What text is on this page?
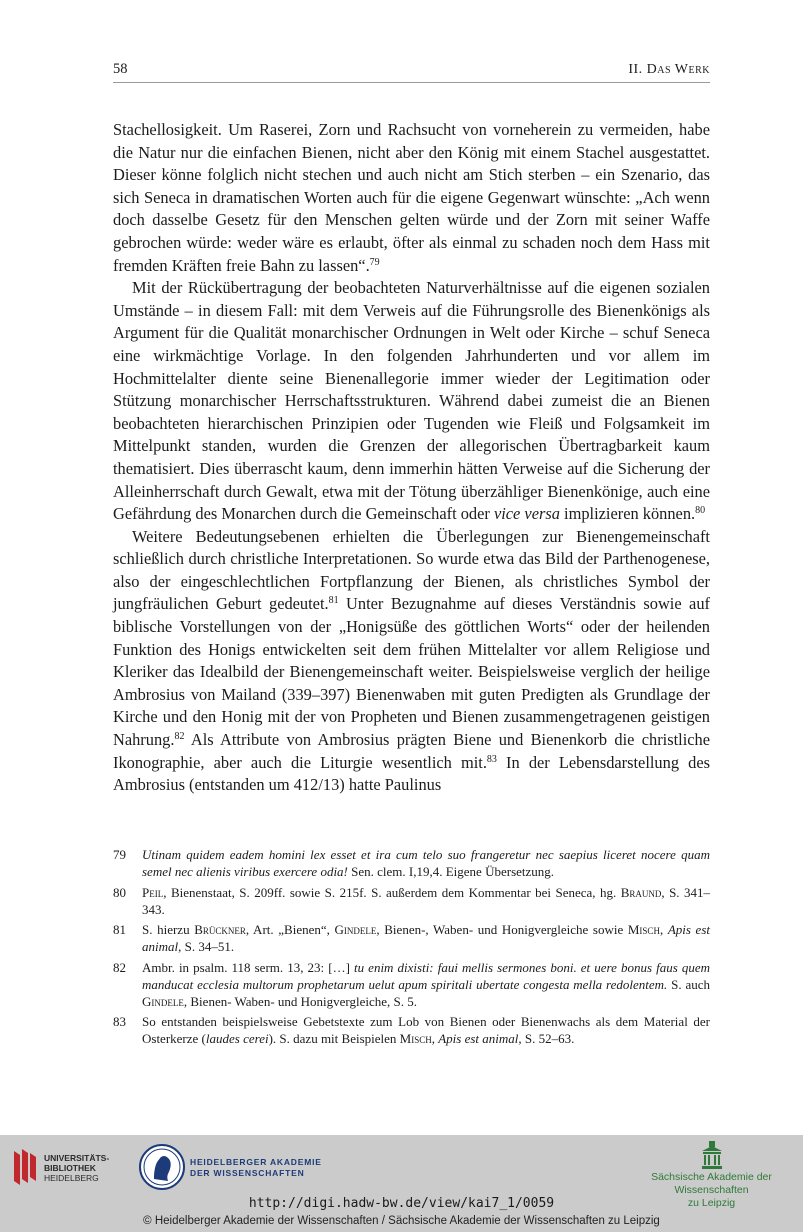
58	II. Das Werk

Stachellosigkeit. Um Raserei, Zorn und Rachsucht von vorneherein zu vermeiden, habe die Natur nur die einfachen Bienen, nicht aber den König mit einem Stachel ausgestattet. Dieser könne folglich nicht stechen und auch nicht am Stich sterben – ein Szenario, das sich Seneca in dramatischen Worten auch für die eigene Gegenwart wünschte: „Ach wenn doch dasselbe Gesetz für den Menschen gelten würde und der Zorn mit seiner Waffe gebrochen würde: weder wäre es erlaubt, öfter als einmal zu schaden noch dem Hass mit fremden Kräften freie Bahn zu lassen“.$^{79}$

Mit der Rückübertragung der beobachteten Naturverhältnisse auf die eigenen sozialen Umstände – in diesem Fall: mit dem Verweis auf die Führungsrolle des Bienenkönigs als Argument für die Qualität monarchischer Ordnungen in Welt oder Kirche – schuf Seneca eine wirkmächtige Vorlage. In den folgenden Jahrhunderten und vor allem im Hochmittelalter diente seine Bienenallegorie immer wieder der Legitimation oder Stützung monarchischer Herrschaftsstrukturen. Während dabei zumeist die an Bienen beobachteten hierarchischen Prinzipien oder Tugenden wie Fleiß und Folgsamkeit im Mittelpunkt standen, wurden die Grenzen der allegorischen Übertragbarkeit kaum thematisiert. Dies überrascht kaum, denn immerhin hätten Verweise auf die Sicherung der Alleinherrschaft durch Gewalt, etwa mit der Tötung überzähliger Bienenkönige, auch eine Gefährdung des Monarchen durch die Gemeinschaft oder vice versa implizieren können.$^{80}$

Weitere Bedeutungsebenen erhielten die Überlegungen zur Bienengemeinschaft schließlich durch christliche Interpretationen. So wurde etwa das Bild der Parthenogenese, also der eingeschlechtlichen Fortpflanzung der Bienen, als christliches Symbol der jungfräulichen Geburt gedeutet.$^{81}$ Unter Bezugnahme auf dieses Verständnis sowie auf biblische Vorstellungen von der „Honigsüße des göttlichen Worts“ oder der heilenden Funktion des Honigs entwickelten seit dem frühen Mittelalter vor allem Religiose und Kleriker das Idealbild der Bienengemeinschaft weiter. Beispielsweise verglich der heilige Ambrosius von Mailand (339–397) Bienenwaben mit guten Predigten als Grundlage der Kirche und den Honig mit der von Propheten und Bienen zusammengetragenen geistigen Nahrung.$^{82}$ Als Attribute von Ambrosius prägten Biene und Bienenkorb die christliche Ikonographie, aber auch die Liturgie wesentlich mit.$^{83}$ In der Lebensdarstellung des Ambrosius (entstanden um 412/13) hatte Paulinus

79 Utinam quidem eadem homini lex esset et ira cum telo suo frangeretur nec saepius liceret nocere quam semel nec alienis viribus exercere odia! Sen. clem. I,19,4. Eigene Übersetzung.
80 Peil, Bienenstaat, S. 209ff. sowie S. 215f. S. außerdem dem Kommentar bei Seneca, hg. Braund, S. 341–343.
81 S. hierzu Brückner, Art. „Bienen“, Gindele, Bienen-, Waben- und Honigvergleiche sowie Misch, Apis est animal, S. 34–51.
82 Ambr. in psalm. 118 serm. 13, 23: […] tu enim dixisti: faui mellis sermones boni. et uere bonus faus quem manducat ecclesia multorum prophetarum uelut apum spiritali ubertate congesta mella redolentem. S. auch Gindele, Bienen- Waben- und Honigvergleiche, S. 5.
83 So entstanden beispielsweise Gebetstexte zum Lob von Bienen oder Bienenwachs als dem Material der Osterkerze (laudes cerei). S. dazu mit Beispielen Misch, Apis est animal, S. 52–63.
UNIVERSITÄTS-
BIBLIOTHEK
HEIDELBERG
HEIDELBERGER AKADEMIE
DER WISSENSCHAFTEN	Sächsische Akademie der Wissenschaften
zu Leipzig
http://digi.hadw-bw.de/view/kai7_1/0059
© Heidelberger Akademie der Wissenschaften / Sächsische Akademie der Wissenschaften zu Leipzig
